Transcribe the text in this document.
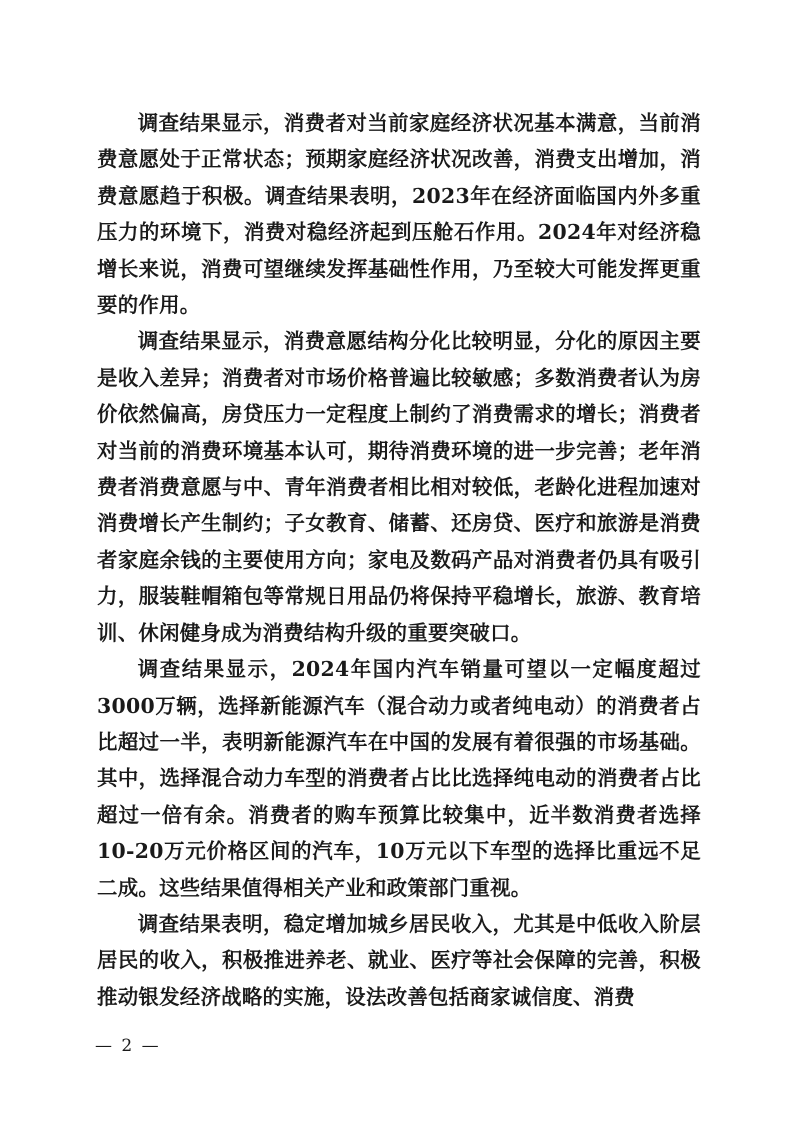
调查结果显示，消费者对当前家庭经济状况基本满意，当前消费意愿处于正常状态；预期家庭经济状况改善，消费支出增加，消费意愿趋于积极。调查结果表明，2023年在经济面临国内外多重压力的环境下，消费对稳经济起到压舱石作用。2024年对经济稳增长来说，消费可望继续发挥基础性作用，乃至较大可能发挥更重要的作用。

调查结果显示，消费意愿结构分化比较明显，分化的原因主要是收入差异；消费者对市场价格普遍比较敏感；多数消费者认为房价依然偏高，房贷压力一定程度上制约了消费需求的增长；消费者对当前的消费环境基本认可，期待消费环境的进一步完善；老年消费者消费意愿与中、青年消费者相比相对较低，老龄化进程加速对消费增长产生制约；子女教育、储蓄、还房贷、医疗和旅游是消费者家庭余钱的主要使用方向；家电及数码产品对消费者仍具有吸引力，服装鞋帽箱包等常规日用品仍将保持平稳增长，旅游、教育培训、休闲健身成为消费结构升级的重要突破口。

调查结果显示，2024年国内汽车销量可望以一定幅度超过3000万辆，选择新能源汽车（混合动力或者纯电动）的消费者占比超过一半，表明新能源汽车在中国的发展有着很强的市场基础。其中，选择混合动力车型的消费者占比比选择纯电动的消费者占比超过一倍有余。消费者的购车预算比较集中，近半数消费者选择10-20万元价格区间的汽车，10万元以下车型的选择比重远不足二成。这些结果值得相关产业和政策部门重视。

调查结果表明，稳定增加城乡居民收入，尤其是中低收入阶层居民的收入，积极推进养老、就业、医疗等社会保障的完善，积极推动银发经济战略的实施，设法改善包括商家诚信度、消费

— 2 —
